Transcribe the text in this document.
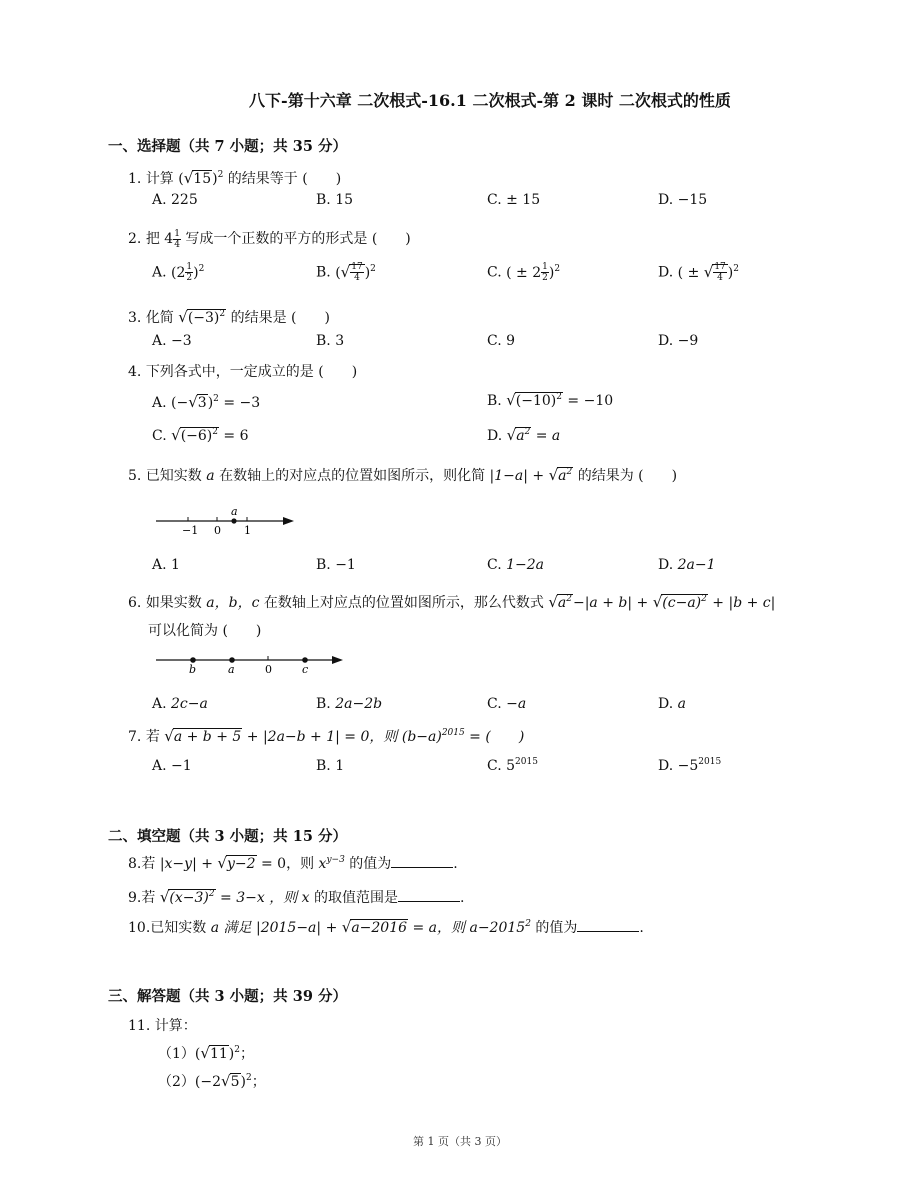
八下-第十六章 二次根式-16.1 二次根式-第 2 课时 二次根式的性质
一、选择题（共 7 小题；共 35 分）
1. 计算 $(√15)^2$ 的结果等于 (　　)
A. 225	B. 15	C. ± 15	D. −15
2. 把 $4 \frac{1}{4}$ 写成一个正数的平方的形式是 (　　)
A. $(2 \frac{1}{2} )^2$	B. (√ $\frac{17}{4} )^2$	C. ( ± $2 \frac{1}{2} )^2$	D. ( ± √ $\frac{17}{4} )^2$
3. 化简 $√(-3)^2$ 的结果是 (　　)
A. −3	B. 3	C. 9	D. −9
4. 下列各式中，一定成立的是 (　　)
A. $(-√3)^2 = -3$	B. $√(-10)^2 = -10$
C. $√(-6)^2 = 6$	D. $√a^2 = a$
5. 已知实数 a 在数轴上的对应点的位置如图所示，则化简 $|1-a| + √a^2$ 的结果为 (　　)
−1 0 1
a
A. 1	B. −1	C. 1−2a	D. 2a−1
6. 如果实数 a，b，c 在数轴上对应点的位置如图所示，那么代数式 $√a^2-|a + b| + √(c-a)^2 + |b + c|$
可以化简为 (　　)
b	a	0	c
A. 2c−a	B. 2a−2b	C. −a	D. a
7. 若 √a + b + 5 + |2a−b + 1| = 0，则 $(b-a)^{2015}$ = (　　)
A. −1	B. 1	C. $5^{2015}$	D. $-5^{2015}$
二、填空题（共 3 小题；共 15 分）
8.若 |x−y| + √y−2 = 0，则 $x^{y-3}$ 的值为	.
9.若 $√(x-3)^2 = 3-x$ ，则 x 的取值范围是	.
10.已知实数 a 满足 |2015−a| + √a−2016 = a，则 $a-2015^2$ 的值为	.
三、解答题（共 3 小题；共 39 分）
11. 计算：
$(1)(√11)^2$；
$(2)(-2√5)^2$；
第 1 页（共 3 页）
